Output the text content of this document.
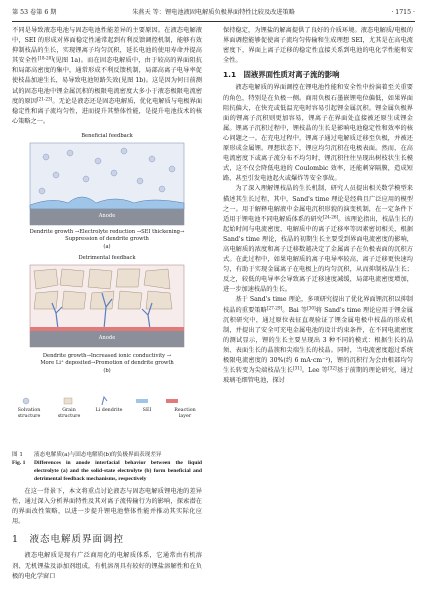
第 53 卷第 6 期	朱燕天 等：锂电池液固电解质负极界面特性比较及改进策略	· 1715 ·

不同是导致液态电池与固态电池性能差异的主要原因。在液态电解液中，SEI 的形成对界面稳定性通常起到有利反馈调控机制，能够有效抑制枝晶的生长，实现锂离子均匀沉积，延长电池的使用寿命并提高其安全性[18-20](见图 1a)。而在固态电解质中，由于较高的界面阻抗和局部高密度的集中，通常形成不利反馈机制，局部高离子电导率促使枝晶加速生长，易导致电池短路失效(见图 1b)。这是因为何日前测试的固态电池中锂金属沉积的极限电流密度大多小于液态极限电流密度的原因[21-23]。无论是液态还是固态电解质，优化电解质与电极界面稳定性和离子流均匀性，进而提升其整体性能，是提升电池技术的核心策略之一。

Beneficial feedback
Anode
Dendrite growth →Electrolyte reduction →SEI thickening→
Suppression of dendrite growth
(a)
Detrimental feedback
Anode
Dendrite growth→Increased ionic conductivity →
More Li⁺ deposited→Promotion of dendrite growth
(b)
Solvation structure
Grain structure
Li dendrite	SEI	Reaction layer
图 1	液态电解质(a)与固态电解质(b)的负极界面表现差异
Fig. 1	Differences in anode interfacial behavior between the liquid electrolyte (a) and the solid-state electrolyte (b) form beneficial and detrimental feedback mechanisms, respectively

在这一背景下，本文将重点讨论液态与固态电解质锂电池的差异性，通过深入分析界面特性及其对离子流传输行为的影响，探索潜在的界面改性策略，以进一步提升锂电池整体性能并推动其实际化应用。

1　液态电解质界面调控

液态电解质是现有广泛商用化的电解质体系，它通常由有机溶剂、无机锂盐及添加剂组成，有机溶剂具有较好的锂盐溶解性和在负极的电化学窗口

保持稳定，为锂盐的解离提供了良好的介质环境。液态电解质/电极的界面调控能够促使离子流均匀传输和生成理想 SEI，尤其是在高电流密度下，界面上离子迁移的稳定性直接关系到电池的电化学性能和安全性。

1.1　固液界面性质对离子流的影响

液态电解质的界面调控在锂电池性能和安全性中扮演着至关重要的角色，特别是在负极一侧。商用负极石墨嵌锂电位偏低，如果界面阻抗偏大，在快充或低温充电时容易引起锂金属沉积。锂金属负极界面的锂离子沉积则更加容易，锂离子在界面处直接被还原生成锂金属。锂离子沉积过程中，锂枝晶的生长是影响电池稳定性和效率的核心问题之一。在充电过程中，锂离子通过电解质迁移至负极，并被还原形成金属锂。理想状态下，锂应均匀沉积在电极表面。然而，在高电流密度下或离子流分布不均匀时，锂沉积往往呈现出树枝状生长模式，这不仅会降低电池的 Coulombic 效率，还能刺穿隔膜，造成短路，甚至引发电池起火或爆炸等安全事故。

为了深入理解锂枝晶的生长机制，研究人员提出相关数学模型来描述其生长过程，其中，Sand's time 理论是经典且广泛应用的模型之一。用于解释电解液中金属电沉积形貌的演变机制，在一定条件下适用于锂电池不同电解质体系的研究[24-26]。该理论指出，枝晶生长的起始时间与电流密度、电解质中的离子迁移率等因素密切相关，根据 Sand's time 理论，枝晶的初期生长主要受到界面电流密度的影响，高电解质的浓度和离子迁移数越决定了金属离子在负极表面的沉积方式。在此过程中，如果电解质的离子电导率较高，离子迁移更快速均匀，有助于实现金属离子在电极上的均匀沉积，从而抑制枝晶生长；反之，较低的电导率会导致离子迁移速度减缓，局部电流密度增加，进一步加速枝晶的生长。

基于 Sand's time 理论，多项研究提出了优化界面锂沉积以抑制枝晶的重要策略[27-29]。Bai 等[30]将 Sand's time 理论应用于锂金属沉积研究中，通过原位表征直观验证了锂金属电极中枝晶的形成机制，并提出了安全可充电金属电池的设计约束条件，在不同电流密度的测试显示，锂的生长主要呈现出 3 种不同的模式：根据生长的晶须、表面生长的晶簇和尖端生长的枝晶。同时，当电流密度超过系统极限电流密度的 30%(约 6 mA·cm⁻²)，锂的沉积行为会由根部均匀生长转变为尖端枝晶生长[31]。Lee 等[32]基于前期的理论研究，通过玻璃毛细管电池，探讨
